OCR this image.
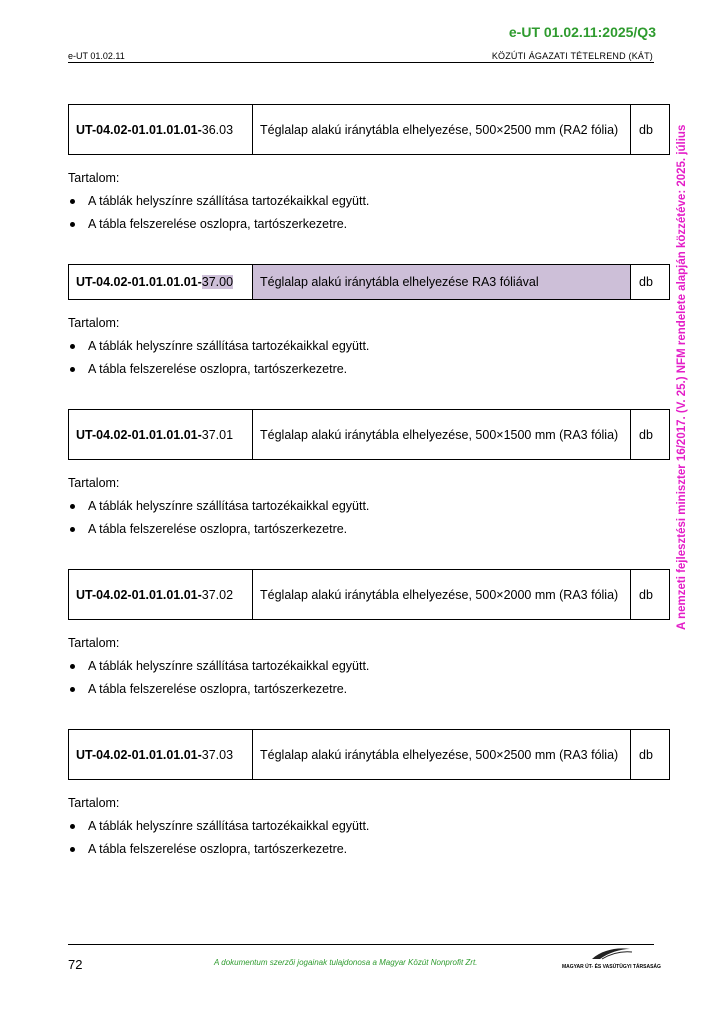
e-UT 01.02.11:2025/Q3
e-UT 01.02.11	KÖZÚTI ÁGAZATI TÉTELREND (KÁT)
A nemzeti fejlesztési miniszter 16/2017. (V. 25.) NFM rendelete alapján közzétéve: 2025. július
UT-04.02-01.01.01.01-36.03	Téglalap alakú iránytábla elhelyezése, 500×2500 mm (RA2 fólia)	db
Tartalom:
A táblák helyszínre szállítása tartozékaikkal együtt.
A tábla felszerelése oszlopra, tartószerkezetre.
UT-04.02-01.01.01.01-37.00	Téglalap alakú iránytábla elhelyezése RA3 fóliával	db
Tartalom:
A táblák helyszínre szállítása tartozékaikkal együtt.
A tábla felszerelése oszlopra, tartószerkezetre.
UT-04.02-01.01.01.01-37.01	Téglalap alakú iránytábla elhelyezése, 500×1500 mm (RA3 fólia)	db
Tartalom:
A táblák helyszínre szállítása tartozékaikkal együtt.
A tábla felszerelése oszlopra, tartószerkezetre.
UT-04.02-01.01.01.01-37.02	Téglalap alakú iránytábla elhelyezése, 500×2000 mm (RA3 fólia)	db
Tartalom:
A táblák helyszínre szállítása tartozékaikkal együtt.
A tábla felszerelése oszlopra, tartószerkezetre.
UT-04.02-01.01.01.01-37.03	Téglalap alakú iránytábla elhelyezése, 500×2500 mm (RA3 fólia)	db
Tartalom:
A táblák helyszínre szállítása tartozékaikkal együtt.
A tábla felszerelése oszlopra, tartószerkezetre.
72	A dokumentum szerzői jogainak tulajdonosa a Magyar Közút Nonprofit Zrt.	MAGYAR ÚT- ÉS VASÚTÜGYI TÁRSASÁG
